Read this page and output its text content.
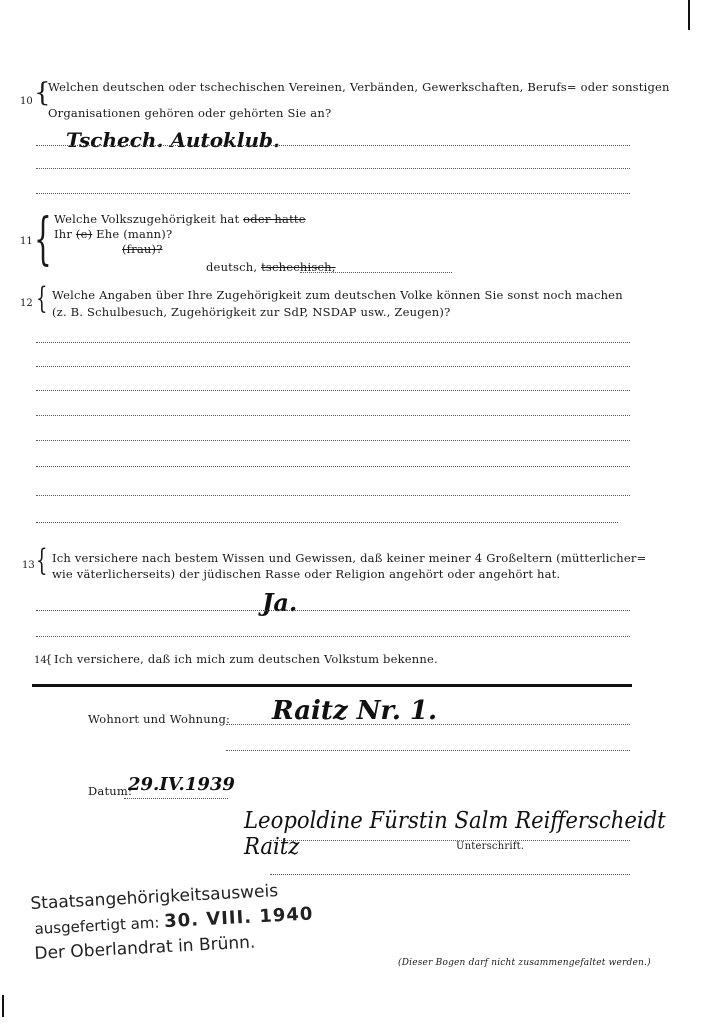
10 {
Welchen deutschen oder tschechischen Vereinen, Verbänden, Gewerkschaften, Berufs= oder sonstigen
Organisationen gehören oder gehörten Sie an?
Tschech. Autoklub.
11 { Welche Volkszugehörigkeit hat oder hatte
Ihr (e) Ehe (mann)?
(frau)?
deutsch, tschechisch,
12 { Welche Angaben über Ihre Zugehörigkeit zum deutschen Volke können Sie sonst noch machen
(z. B. Schulbesuch, Zugehörigkeit zur SdP, NSDAP usw., Zeugen)?
13 { Ich versichere nach bestem Wissen und Gewissen, daß keiner meiner 4 Großeltern (mütterlicher=
wie väterlicherseits) der jüdischen Rasse oder Religion angehört oder angehört hat.
Ja.
14
{ Ich versichere, daß ich mich zum deutschen Volkstum bekenne.
Wohnort und Wohnung: Raitz Nr. 1.
Datum:
29.IV.1939
Leopoldine Fürstin Salm Reifferscheidt Raitz	Unterschrift.
Staatsangehörigkeitsausweis
ausgefertigt am: 30. VIII. 1940
Der Oberlandrat in Brünn.	(Dieser Bogen darf nicht zusammengefaltet werden.)
